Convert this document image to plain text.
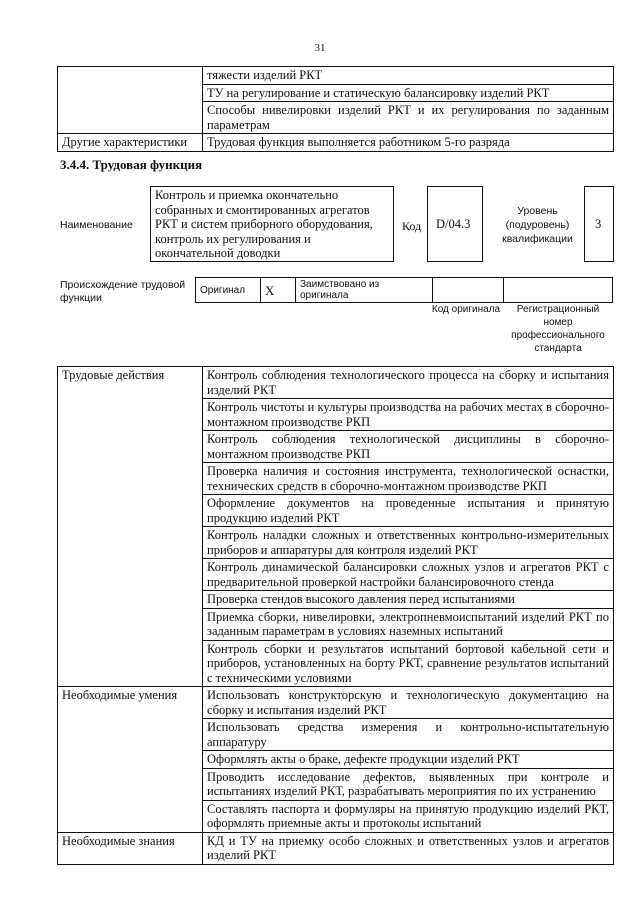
31
	тяжести изделий РКТ
	ТУ на регулирование и статическую балансировку изделий РКТ
	Способы нивелировки изделий РКТ и их регулирования по заданным параметрам
Другие характеристики	Трудовая функция выполняется работником 5-го разряда
3.4.4. Трудовая функция
Наименование
Контроль и приемка окончательно собранных и смонтированных агрегатов РКТ и систем приборного оборудования, контроль их регулирования и окончательной доводки
Код	D/04.3
Уровень (подуровень) квалификации
3
Происхождение трудовой функции
Оригинал	X	Заимствовано из оригинала		
Код оригинала	Регистрационный номер профессионального стандарта
Трудовые действия	Контроль соблюдения технологического процесса на сборку и испытания изделий РКТ
	Контроль чистоты и культуры производства на рабочих местах в сборочно-монтажном производстве РКП
	Контроль соблюдения технологической дисциплины в сборочно-монтажном производстве РКП
	Проверка наличия и состояния инструмента, технологической оснастки, технических средств в сборочно-монтажном производстве РКП
	Оформление документов на проведенные испытания и принятую продукцию изделий РКТ
	Контроль наладки сложных и ответственных контрольно-измерительных приборов и аппаратуры для контроля изделий РКТ
	Контроль динамической балансировки сложных узлов и агрегатов РКТ с предварительной проверкой настройки балансировочного стенда
	Проверка стендов высокого давления перед испытаниями
	Приемка сборки, нивелировки, электропневмоиспытаний изделий РКТ по заданным параметрам в условиях наземных испытаний
	Контроль сборки и результатов испытаний бортовой кабельной сети и приборов, установленных на борту РКТ, сравнение результатов испытаний с техническими условиями
Необходимые умения	Использовать конструкторскую и технологическую документацию на сборку и испытания изделий РКТ
	Использовать средства измерения и контрольно-испытательную аппаратуру
	Оформлять акты о браке, дефекте продукции изделий РКТ
	Проводить исследование дефектов, выявленных при контроле и испытаниях изделий РКТ, разрабатывать мероприятия по их устранению
	Составлять паспорта и формуляры на принятую продукцию изделий РКТ, оформлять приемные акты и протоколы испытаний
Необходимые знания	КД и ТУ на приемку особо сложных и ответственных узлов и агрегатов изделий РКТ
